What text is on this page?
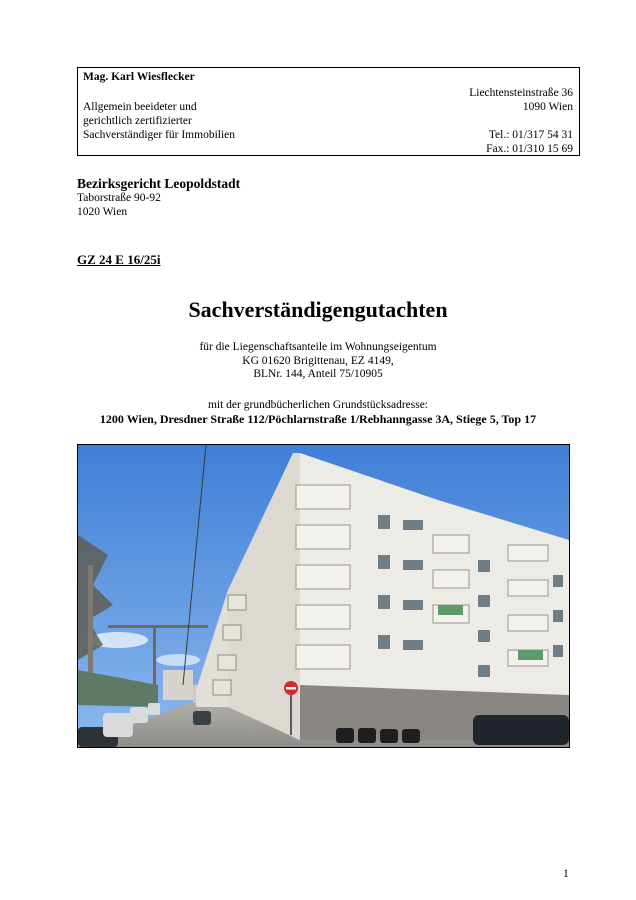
Mag. Karl Wiesflecker
Liechtensteinstraße 36
Allgemein beeideter und	1090 Wien
gerichtlich zertifizierter
Sachverständiger für Immobilien	Tel.: 01/317 54 31
Fax.: 01/310 15 69
Bezirksgericht Leopoldstadt
Taborstraße 90-92
1020 Wien
GZ 24 E 16/25i
Sachverständigengutachten
für die Liegenschaftsanteile im Wohnungseigentum
KG 01620 Brigittenau, EZ 4149,
BLNr. 144, Anteil 75/10905
mit der grundbücherlichen Grundstücksadresse:
1200 Wien, Dresdner Straße 112/Pöchlarnstraße 1/Rebhanngasse 3A, Stiege 5, Top 17
1
